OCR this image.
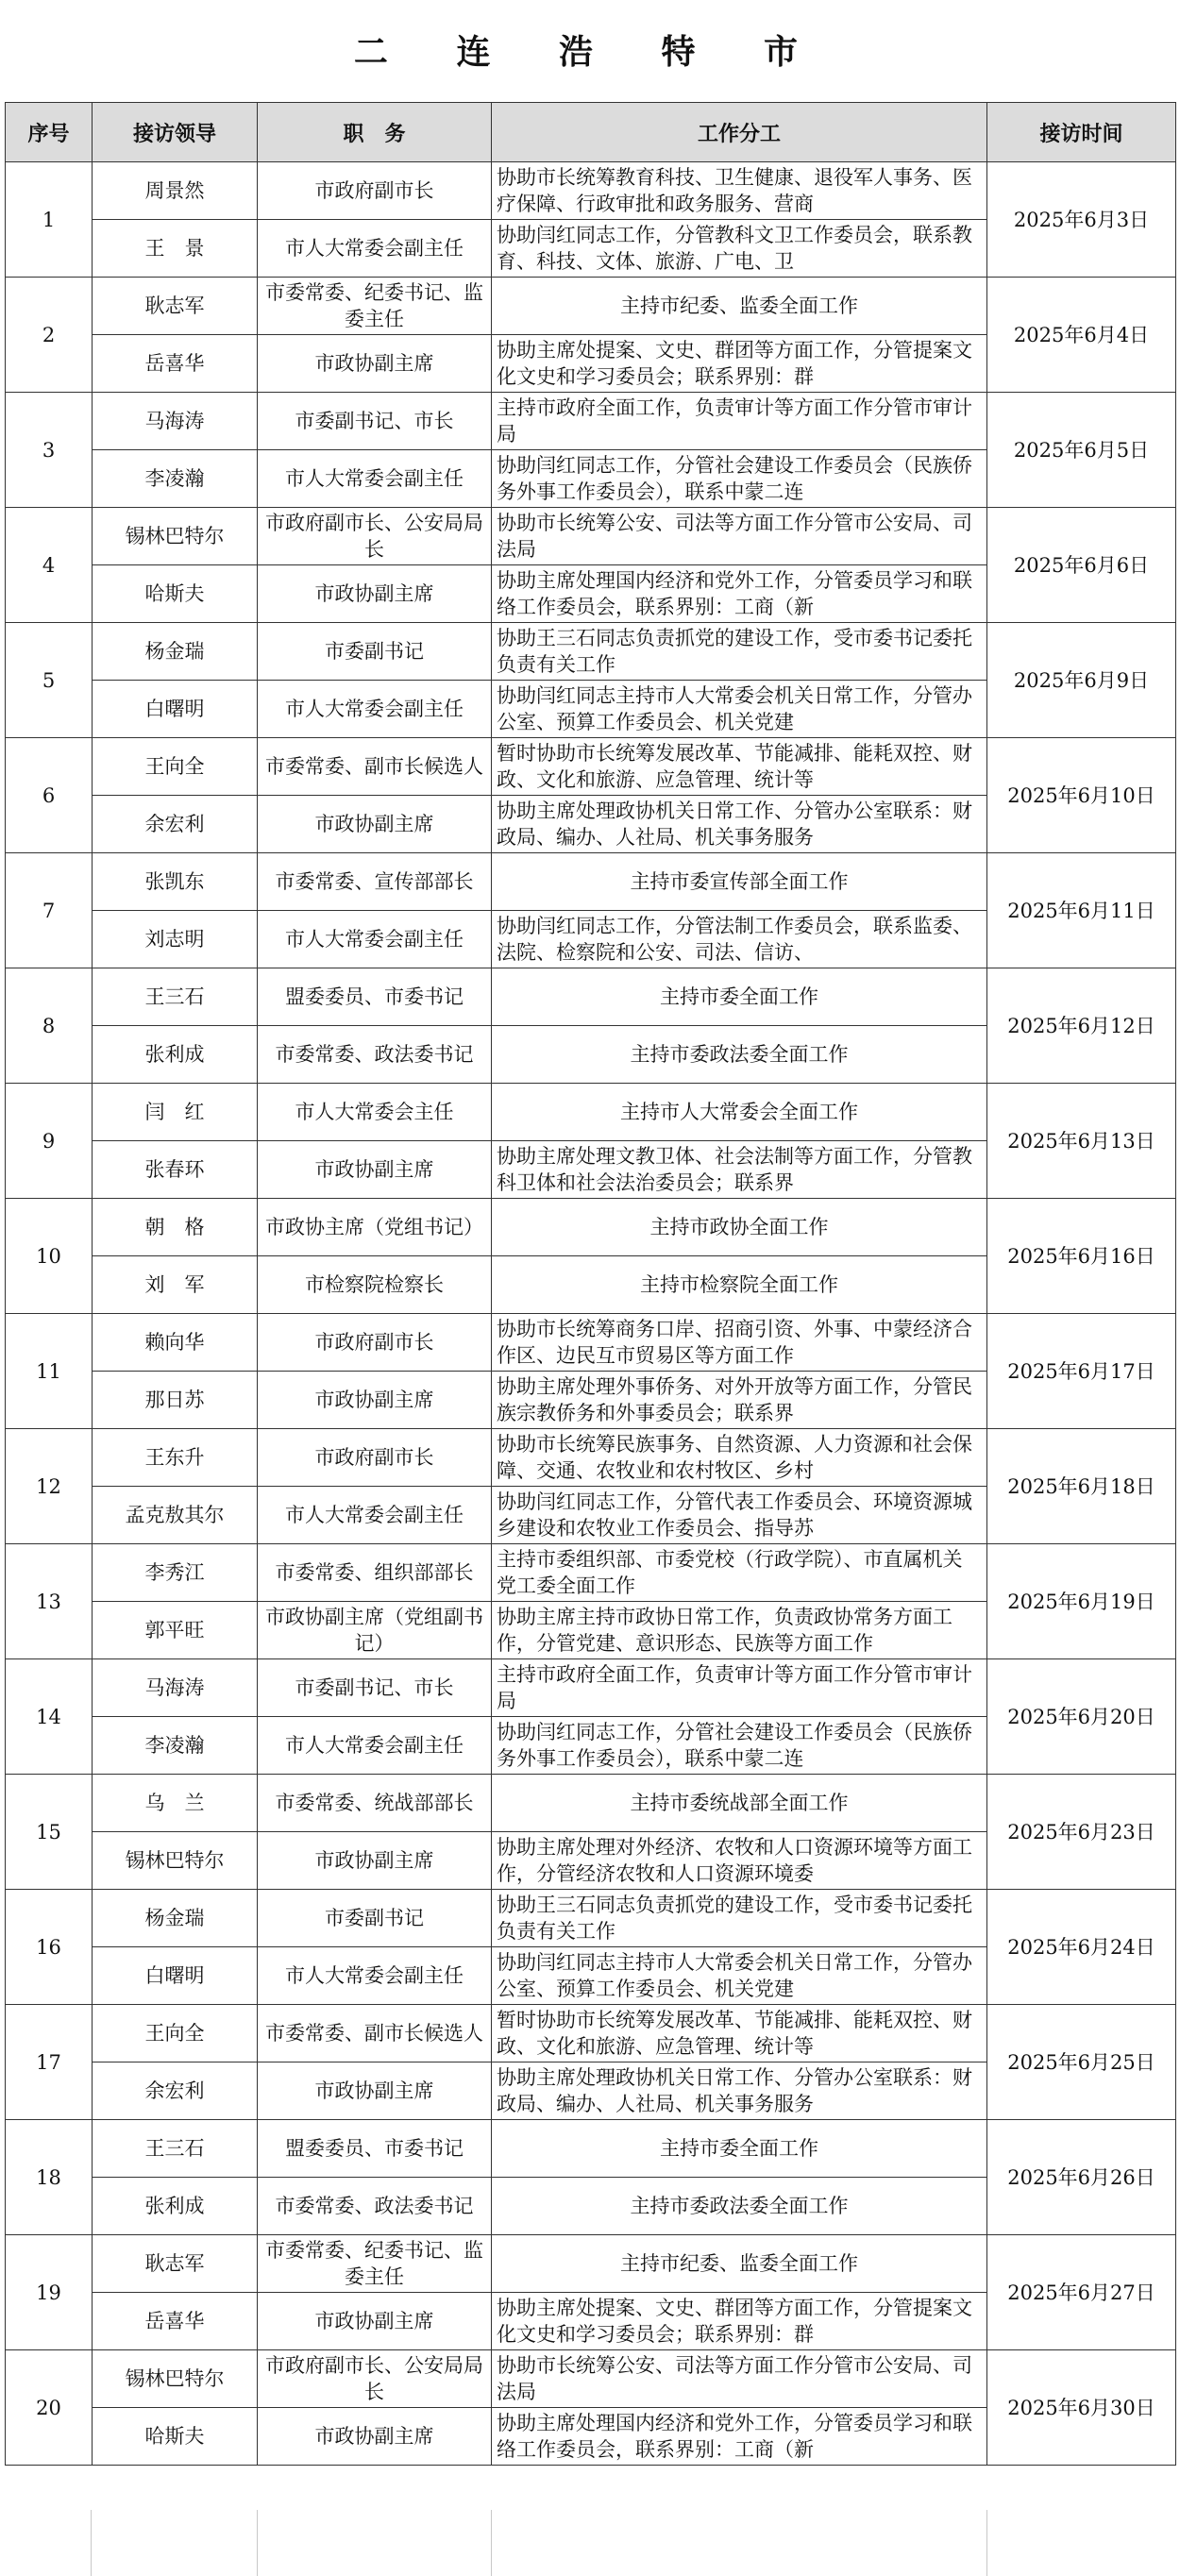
二 连 浩 特 市
序号	接访领导	职　务	工作分工	接访时间
1	周景然	市政府副市长	协助市长统筹教育科技、卫生健康、退役军人事务、医疗保障、行政审批和政务服务、营商	2025年6月3日
	王　景	市人大常委会副主任	协助闫红同志工作，分管教科文卫工作委员会，联系教育、科技、文体、旅游、广电、卫	

2	耿志军	市委常委、纪委书记、监委主任	主持市纪委、监委全面工作	2025年6月4日
	岳喜华	市政协副主席	协助主席处提案、文史、群团等方面工作，分管提案文化文史和学习委员会；联系界别：群	

3	马海涛	市委副书记、市长	主持市政府全面工作，负责审计等方面工作分管市审计局	2025年6月5日
	李凌瀚	市人大常委会副主任	协助闫红同志工作，分管社会建设工作委员会（民族侨务外事工作委员会），联系中蒙二连	

4	锡林巴特尔	市政府副市长、公安局局长	协助市长统筹公安、司法等方面工作分管市公安局、司法局	2025年6月6日
	哈斯夫	市政协副主席	协助主席处理国内经济和党外工作，分管委员学习和联络工作委员会，联系界别：工商（新	

5	杨金瑞	市委副书记	协助王三石同志负责抓党的建设工作，受市委书记委托负责有关工作	2025年6月9日
	白曙明	市人大常委会副主任	协助闫红同志主持市人大常委会机关日常工作，分管办公室、预算工作委员会、机关党建	

6	王向全	市委常委、副市长候选人	暂时协助市长统筹发展改革、节能减排、能耗双控、财政、文化和旅游、应急管理、统计等	2025年6月10日
	余宏利	市政协副主席	协助主席处理政协机关日常工作、分管办公室联系：财政局、编办、人社局、机关事务服务	

7	张凯东	市委常委、宣传部部长	主持市委宣传部全面工作	2025年6月11日
	刘志明	市人大常委会副主任	协助闫红同志工作，分管法制工作委员会，联系监委、法院、检察院和公安、司法、信访、	

8	王三石	盟委委员、市委书记	主持市委全面工作	2025年6月12日
	张利成	市委常委、政法委书记	主持市委政法委全面工作	

9	闫　红	市人大常委会主任	主持市人大常委会全面工作	2025年6月13日
	张春环	市政协副主席	协助主席处理文教卫体、社会法制等方面工作，分管教科卫体和社会法治委员会；联系界	

10	朝　格	市政协主席（党组书记）	主持市政协全面工作	2025年6月16日
	刘　军	市检察院检察长	主持市检察院全面工作	

11	赖向华	市政府副市长	协助市长统筹商务口岸、招商引资、外事、中蒙经济合作区、边民互市贸易区等方面工作	2025年6月17日
	那日苏	市政协副主席	协助主席处理外事侨务、对外开放等方面工作，分管民族宗教侨务和外事委员会；联系界	

12	王东升	市政府副市长	协助市长统筹民族事务、自然资源、人力资源和社会保障、交通、农牧业和农村牧区、乡村	2025年6月18日
	孟克敖其尔	市人大常委会副主任	协助闫红同志工作，分管代表工作委员会、环境资源城乡建设和农牧业工作委员会、指导苏	

13	李秀江	市委常委、组织部部长	主持市委组织部、市委党校（行政学院）、市直属机关党工委全面工作	2025年6月19日
	郭平旺	市政协副主席（党组副书记）	协助主席主持市政协日常工作，负责政协常务方面工作，分管党建、意识形态、民族等方面工作	

14	马海涛	市委副书记、市长	主持市政府全面工作，负责审计等方面工作分管市审计局	2025年6月20日
	李凌瀚	市人大常委会副主任	协助闫红同志工作，分管社会建设工作委员会（民族侨务外事工作委员会），联系中蒙二连	

15	乌　兰	市委常委、统战部部长	主持市委统战部全面工作	2025年6月23日
	锡林巴特尔	市政协副主席	协助主席处理对外经济、农牧和人口资源环境等方面工作，分管经济农牧和人口资源环境委	

16	杨金瑞	市委副书记	协助王三石同志负责抓党的建设工作，受市委书记委托负责有关工作	2025年6月24日
	白曙明	市人大常委会副主任	协助闫红同志主持市人大常委会机关日常工作，分管办公室、预算工作委员会、机关党建	

17	王向全	市委常委、副市长候选人	暂时协助市长统筹发展改革、节能减排、能耗双控、财政、文化和旅游、应急管理、统计等	2025年6月25日
	余宏利	市政协副主席	协助主席处理政协机关日常工作、分管办公室联系：财政局、编办、人社局、机关事务服务	

18	王三石	盟委委员、市委书记	主持市委全面工作	2025年6月26日
	张利成	市委常委、政法委书记	主持市委政法委全面工作	

19	耿志军	市委常委、纪委书记、监委主任	主持市纪委、监委全面工作	2025年6月27日
	岳喜华	市政协副主席	协助主席处提案、文史、群团等方面工作，分管提案文化文史和学习委员会；联系界别：群	

20	锡林巴特尔	市政府副市长、公安局局长	协助市长统筹公安、司法等方面工作分管市公安局、司法局	2025年6月30日
	哈斯夫	市政协副主席	协助主席处理国内经济和党外工作，分管委员学习和联络工作委员会，联系界别：工商（新	
